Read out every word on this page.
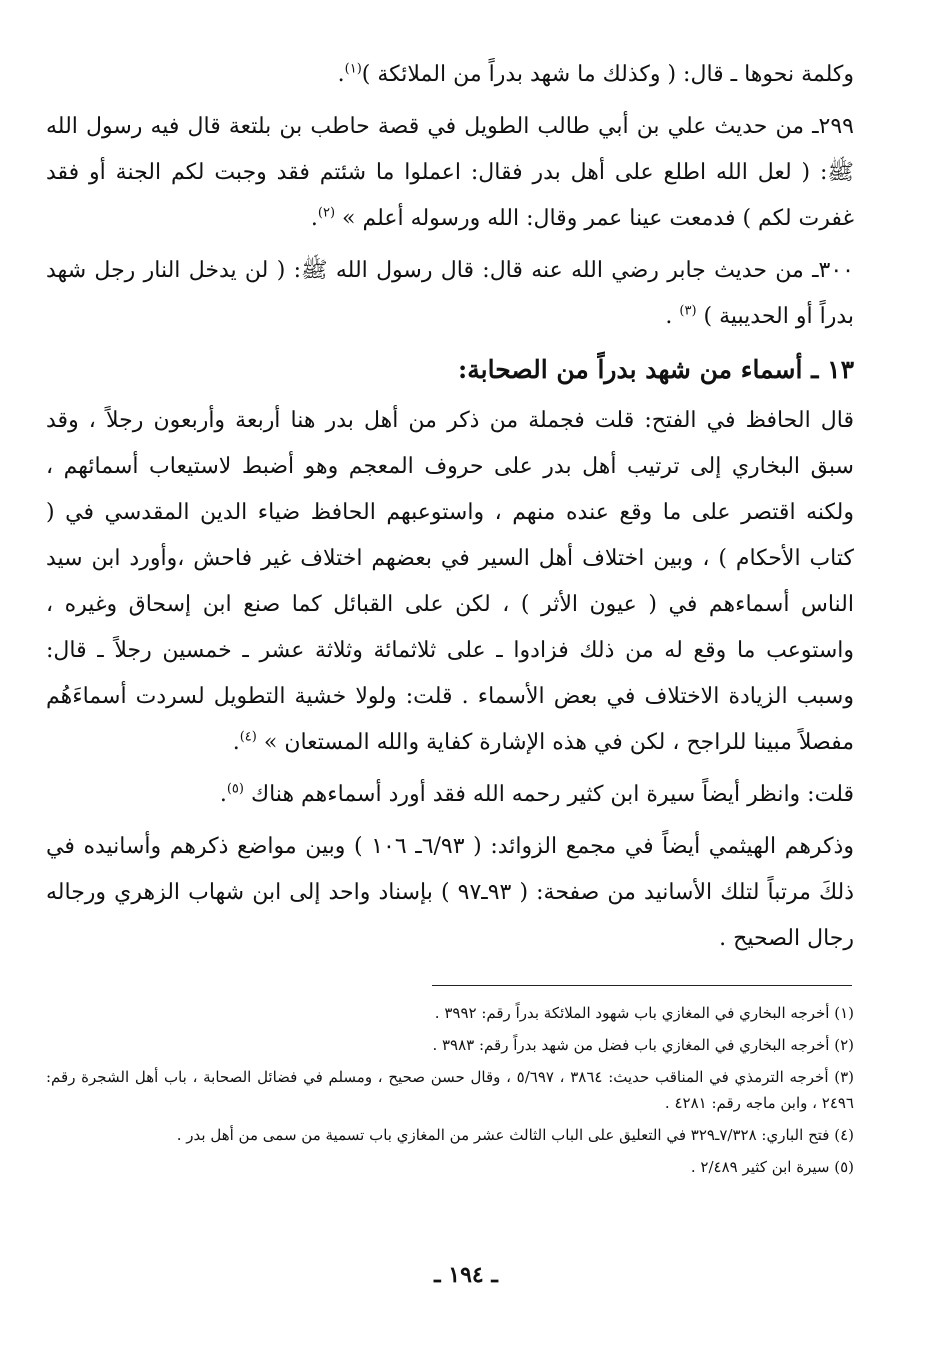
وكلمة نحوها ـ قال: ( وكذلك ما شهد بدراً من الملائكة )$^{(١)}$.

٢٩٩ـ من حديث علي بن أبي طالب الطويل في قصة حاطب بن بلتعة قال فيه رسول الله ﷺ: ( لعل الله اطلع على أهل بدر فقال: اعملوا ما شئتم فقد وجبت لكم الجنة أو فقد غفرت لكم ) فدمعت عينا عمر وقال: الله ورسوله أعلم » $^{(٢)}$.

٣٠٠ـ من حديث جابر رضي الله عنه قال: قال رسول الله ﷺ: ( لن يدخل النار رجل شهد بدراً أو الحديبية ) $^{(٣)}$ .

١٣ ـ أسماء من شهد بدراً من الصحابة:

قال الحافظ في الفتح: قلت فجملة من ذكر من أهل بدر هنا أربعة وأربعون رجلاً ، وقد سبق البخاري إلى ترتيب أهل بدر على حروف المعجم وهو أضبط لاستيعاب أسمائهم ، ولكنه اقتصر على ما وقع عنده منهم ، واستوعبهم الحافظ ضياء الدين المقدسي في ( كتاب الأحكام ) ، وبين اختلاف أهل السير في بعضهم اختلاف غير فاحش ،وأورد ابن سيد الناس أسماءهم في ( عيون الأثر ) ، لكن على القبائل كما صنع ابن إسحاق وغيره ، واستوعب ما وقع له من ذلك فزادوا ـ على ثلاثمائة وثلاثة عشر ـ خمسين رجلاً ـ قال: وسبب الزيادة الاختلاف في بعض الأسماء . قلت: ولولا خشية التطويل لسردت أسماءَهُم مفصلاً مبينا للراجح ، لكن في هذه الإشارة كفاية والله المستعان » $^{(٤)}$.

قلت: وانظر أيضاً سيرة ابن كثير رحمه الله فقد أورد أسماءهم هناك $^{(٥)}$.

وذكرهم الهيثمي أيضاً في مجمع الزوائد: ( ٦/٩٣ـ ١٠٦ ) وبين مواضع ذكرهم وأسانيده في ذلكَ مرتباً لتلك الأسانيد من صفحة: ( ٩٣ـ٩٧ ) بإسناد واحد إلى ابن شهاب الزهري ورجاله رجال الصحيح .

(١) أخرجه البخاري في المغازي باب شهود الملائكة بدراً رقم: ٣٩٩٢ .

(٢) أخرجه البخاري في المغازي باب فضل من شهد بدراً رقم: ٣٩٨٣ .

(٣) أخرجه الترمذي في المناقب حديث: ٣٨٦٤ ، ٥/٦٩٧ ، وقال حسن صحيح ، ومسلم في فضائل الصحابة ، باب أهل الشجرة رقم: ٢٤٩٦ ، وابن ماجه رقم: ٤٢٨١ .

(٤) فتح الباري: ٧/٣٢٨ـ٣٢٩ في التعليق على الباب الثالث عشر من المغازي باب تسمية من سمى من أهل بدر .

(٥) سيرة ابن كثير ٢/٤٨٩ .

ـ ١٩٤ ـ
